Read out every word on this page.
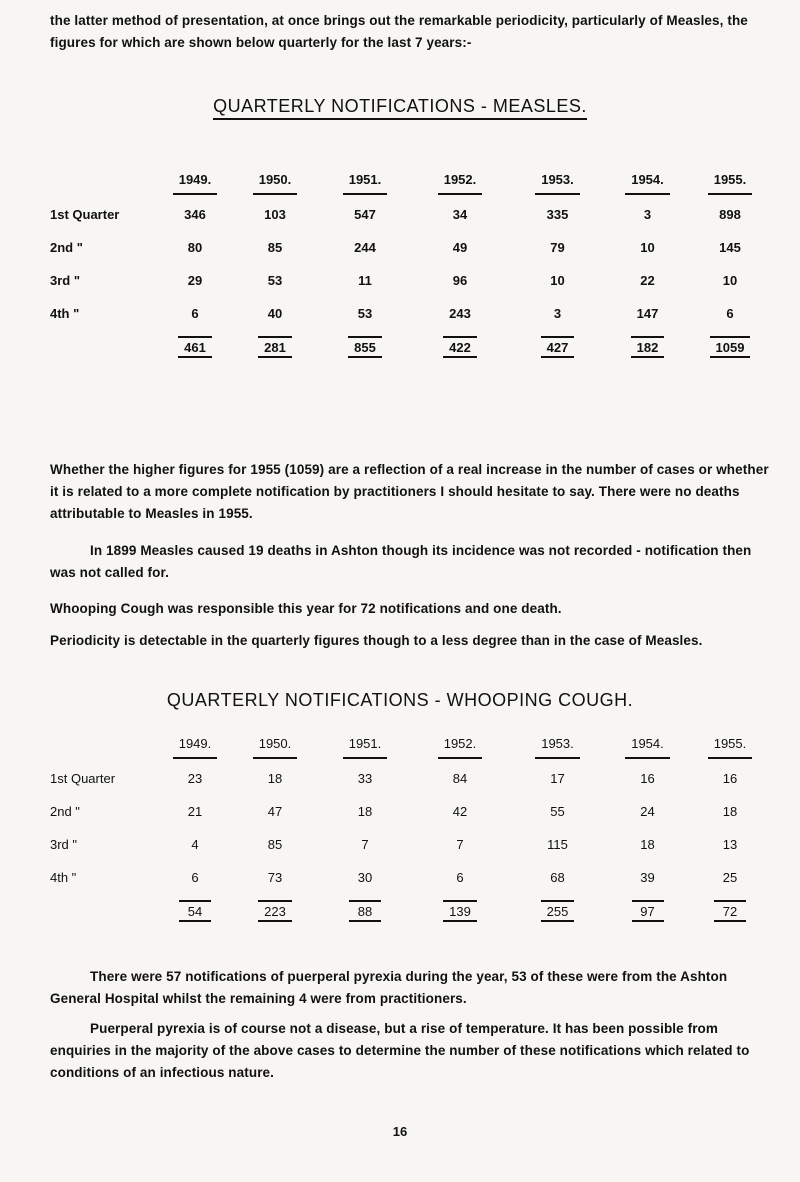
the latter method of presentation, at once brings out the remarkable periodicity, particularly of Measles, the figures for which are shown below quarterly for the last 7 years:-
QUARTERLY NOTIFICATIONS - MEASLES.
	1949.	1950.	1951.	1952.	1953.	1954.	1955.
1st Quarter	346	103	547	34	335	3	898
2nd "	80	85	244	49	79	10	145
3rd "	29	53	11	96	10	22	10
4th "	6	40	53	243	3	147	6
	461	281	855	422	427	182	1059
Whether the higher figures for 1955 (1059) are a reflection of a real increase in the number of cases or whether it is related to a more complete notification by practitioners I should hesitate to say. There were no deaths attributable to Measles in 1955.
In 1899 Measles caused 19 deaths in Ashton though its incidence was not recorded - notification then was not called for.
Whooping Cough was responsible this year for 72 notifications and one death.
Periodicity is detectable in the quarterly figures though to a less degree than in the case of Measles.
QUARTERLY NOTIFICATIONS - WHOOPING COUGH.
	1949.	1950.	1951.	1952.	1953.	1954.	1955.
1st Quarter	23	18	33	84	17	16	16
2nd "	21	47	18	42	55	24	18
3rd "	4	85	7	7	115	18	13
4th "	6	73	30	6	68	39	25
	54	223	88	139	255	97	72
There were 57 notifications of puerperal pyrexia during the year, 53 of these were from the Ashton General Hospital whilst the remaining 4 were from practitioners.
Puerperal pyrexia is of course not a disease, but a rise of temperature. It has been possible from enquiries in the majority of the above cases to determine the number of these notifications which related to conditions of an infectious nature.
16
